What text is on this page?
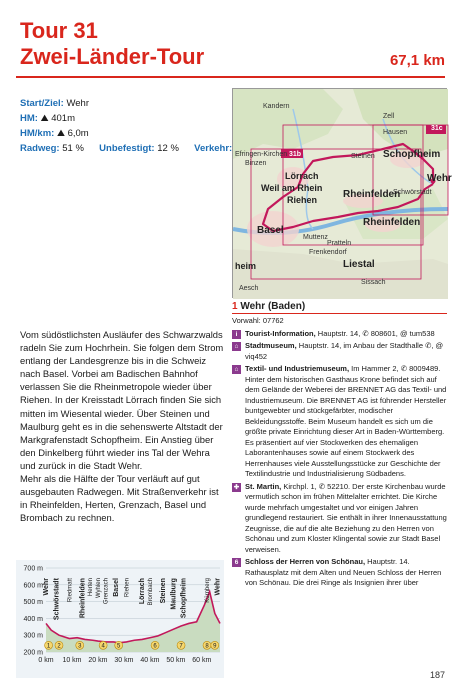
Tour 31
Zwei-Länder-Tour	67,1 km
Start/Ziel: Wehr
HM: ⛰ 401m
HM/km: ⛰ 6,0m
Radweg: 51 % Unbefestigt: 12 % Verkehr:
31b
31c
Kandern
Zell
Hausen
Efringen-Kirchen
Binzen
Steinen Schopfheim
Lörrach
Weil am Rhein
Riehen
Wehr
Schwörstadt
Rheinfelden
Rheinfelden
Basel
Pratteln
Frenkendorf
Muttenz
Liestal
Sissach
heim
Aesch

Vom südöstlichsten Ausläufer des Schwarzwalds radeln Sie zum Hochrhein. Sie folgen dem Strom entlang der Landesgrenze bis in die Schweiz nach Basel. Vorbei am Badischen Bahnhof verlassen Sie die Rheinmetropole wieder über Riehen. In der Kreisstadt Lörrach finden Sie sich mitten im Wiesental wieder. Über Steinen und Maulburg geht es in die sehenswerte Altstadt der Markgrafenstadt Schopfheim. Ein Anstieg über den Dinkelberg führt wieder ins Tal der Wehra und zurück in die Stadt Wehr.

Mehr als die Hälfte der Tour verläuft auf gut ausgebauten Radwegen. Mit Straßenverkehr ist in Rheinfelden, Herten, Grenzach, Basel und Brombach zu rechnen.

700 m
600 m
500 m
400 m
300 m
200 m
0 km 10 km 20 km 30 km 40 km 50 km 60 km
Wehr Schwörstadt Riedmatt Rheinfelden Herten Wyhlen Grenzach Basel Riehen Lörrach Brombach Steinen Maulburg Schopfheim	Kürnberg Wehr
1 2	3	4 5	6	7	8 9
1 Wehr (Baden)
Vorwahl: 07762
i	Tourist-Information, Hauptstr. 14, ✆ 808601, @ tum538
⌂ Stadtmuseum, Hauptstr. 14, im Anbau der Stadthalle ✆, @ viq452
⌂ Textil- und Industriemuseum, Im Hammer 2, ✆ 8009489. Hinter dem historischen Gasthaus Krone befindet sich auf dem Gelände der Weberei der BRENNET AG das Textil- und Industriemuseum. Die BRENNET AG ist führender Hersteller buntgewebter und stückgefärbter, modischer Bekleidungsstoffe. Beim Museum handelt es sich um die größte private Einrichtung dieser Art in Baden-Württemberg. Es präsentiert auf vier Stockwerken des ehemaligen Laborantenhauses sowie auf einem Stockwerk des Herrenhauses viele Ausstellungsstücke zur Geschichte der Textilindustrie und Industrialisierung Südbadens.
✚ St. Martin, Kirchpl. 1, ✆ 52210. Der erste Kirchenbau wurde vermutlich schon im frühen Mittelalter errichtet. Die Kirche wurde mehrfach umgestaltet und vor einigen Jahren grundlegend restauriert. Sie enthält in ihrer Innenausstattung Zeugnisse, die auf die alte Beziehung zu den Herren von Schönau und zum Kloster Klingental sowie zur Stadt Basel verweisen.
6 Schloss der Herren von Schönau, Hauptstr. 14. Rathausplatz mit dem Alten und Neuen Schloss der Herren von Schönau. Die drei Ringe als Insignien ihrer über
187
